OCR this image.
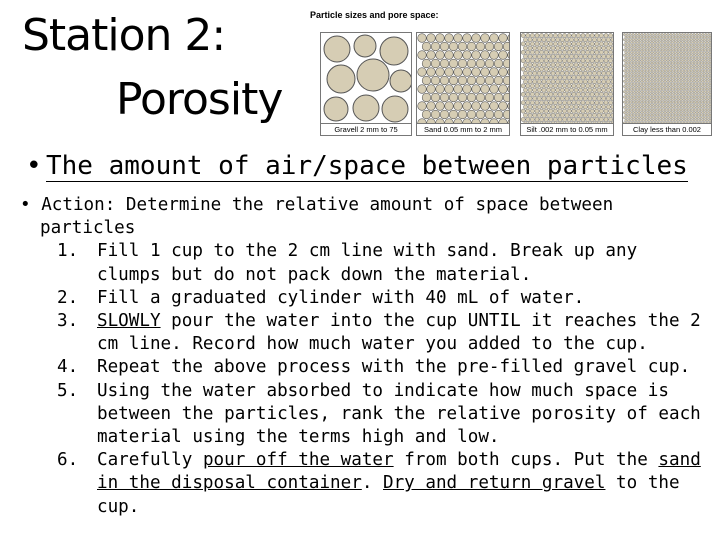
Station 2:
Porosity
Particle sizes and pore space:
Gravell 2 mm to 75	Sand 0.05 mm to 2 mm	Silt .002 mm to 0.05 mm	Clay less than 0.002
• The amount of air/space between particles
• Action: Determine the relative amount of space between
particles
1. Fill 1 cup to the 2 cm line with sand. Break up any clumps but do not pack down the material.
2. Fill a graduated cylinder with 40 mL of water.
3. SLOWLY pour the water into the cup UNTIL it reaches the 2 cm line. Record how much water you added to the cup.
4. Repeat the above process with the pre-filled gravel cup.
5. Using the water absorbed to indicate how much space is between the particles, rank the relative porosity of each material using the terms high and low.
6. Carefully pour off the water from both cups. Put the sand in the disposal container. Dry and return gravel to the cup.
